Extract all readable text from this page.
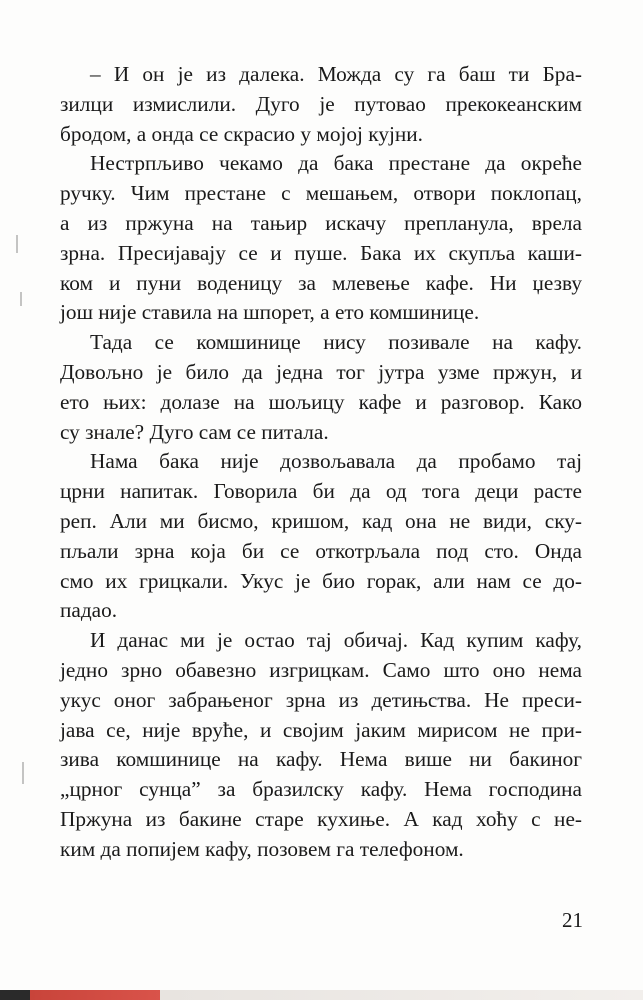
– И он је из далека. Можда су га баш ти Бра-
зилци измислили. Дуго је путовао прекокеанским
бродом, а онда се скрасио у мојој кујни.
Нестрпљиво чекамо да бака престане да окреће
ручку. Чим престане с мешањем, отвори поклопац,
а из пржуна на тањир искачу препланула, врела
зрна. Пресијавају се и пуше. Бака их скупља каши-
ком и пуни воденицу за млевење кафе. Ни џезву
још није ставила на шпорет, а ето комшинице.
Тада се комшинице нису позивале на кафу.
Довољно је било да једна тог јутра узме пржун, и
ето њих: долазе на шољицу кафе и разговор. Како
су знале? Дуго сам се питала.
Нама бака није дозвољавала да пробамо тај
црни напитак. Говорила би да од тога деци расте
реп. Али ми бисмо, кришом, кад она не види, ску-
пљали зрна која би се откотрљала под сто. Онда
смо их грицкали. Укус је био горак, али нам се до-
падао.
И данас ми је остао тај обичај. Кад купим кафу,
једно зрно обавезно изгрицкам. Само што оно нема
укус оног забрањеног зрна из детињства. Не преси-
јава се, није вруће, и својим јаким мирисом не при-
зива комшинице на кафу. Нема више ни бакиног
„црног сунца” за бразилску кафу. Нема господина
Пржуна из бакине старе кухиње. А кад хоћу с не-
ким да попијем кафу, позовем га телефоном.
21
